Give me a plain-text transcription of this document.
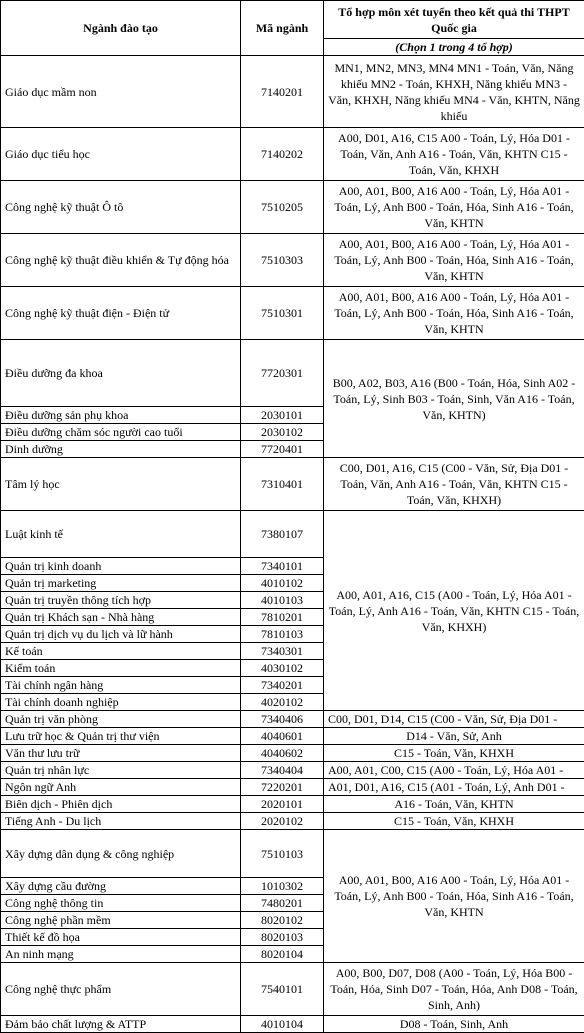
Ngành đào tạo	Mã ngành	Tổ hợp môn xét tuyển theo kết quả thi THPT Quốc gia
		(Chọn 1 trong 4 tổ hợp)
Giáo dục mầm non	7140201	MN1, MN2, MN3, MN4 MN1 - Toán, Văn, Năng khiếu MN2 - Toán, KHXH, Năng khiếu MN3 - Văn, KHXH, Năng khiếu MN4 - Văn, KHTN, Năng khiếu
Giáo dục tiểu học	7140202	A00, D01, A16, C15 A00 - Toán, Lý, Hóa D01 - Toán, Văn, Anh A16 - Toán, Văn, KHTN C15 - Toán, Văn, KHXH
Công nghệ kỹ thuật Ô tô	7510205	A00, A01, B00, A16 A00 - Toán, Lý, Hóa A01 - Toán, Lý, Anh B00 - Toán, Hóa, Sinh A16 - Toán, Văn, KHTN
Công nghệ kỹ thuật điều khiển & Tự động hóa	7510303	A00, A01, B00, A16 A00 - Toán, Lý, Hóa A01 - Toán, Lý, Anh B00 - Toán, Hóa, Sinh A16 - Toán, Văn, KHTN
Công nghệ kỹ thuật điện - Điện tử	7510301	A00, A01, B00, A16 A00 - Toán, Lý, Hóa A01 - Toán, Lý, Anh B00 - Toán, Hóa, Sinh A16 - Toán, Văn, KHTN
Điều dưỡng đa khoa	7720301	B00, A02, B03, A16 (B00 - Toán, Hóa, Sinh A02 - Toán, Lý, Sinh B03 - Toán, Sinh, Văn A16 - Toán, Văn, KHTN)
Điều dưỡng sản phụ khoa	2030101	
Điều dưỡng chăm sóc người cao tuổi	2030102	
Dinh dưỡng	7720401	
Tâm lý học	7310401	C00, D01, A16, C15 (C00 - Văn, Sử, Địa D01 - Toán, Văn, Anh A16 - Toán, Văn, KHTN C15 - Toán, Văn, KHXH)
Luật kinh tế	7380107	A00, A01, A16, C15 (A00 - Toán, Lý, Hóa A01 - Toán, Lý, Anh A16 - Toán, Văn, KHTN C15 - Toán, Văn, KHXH)
Quản trị kinh doanh	7340101	
Quản trị marketing	4010102	
Quản trị truyền thông tích hợp	4010103	
Quản trị Khách sạn - Nhà hàng	7810201	
Quản trị dịch vụ du lịch và lữ hành	7810103	
Kế toán	7340301	
Kiểm toán	4030102	
Tài chính ngân hàng	7340201	
Tài chính doanh nghiệp	4020102	
Quản trị văn phòng	7340406	C00, D01, D14, C15 (C00 - Văn, Sử, Địa D01 -
Lưu trữ học & Quản trị thư viện	4040601	D14 - Văn, Sử, Anh
Văn thư lưu trữ	4040602	C15 - Toán, Văn, KHXH
Quản trị nhân lực	7340404	A00, A01, C00, C15 (A00 - Toán, Lý, Hóa A01 -
Ngôn ngữ Anh	7220201	A01, D01, A16, C15 (A01 - Toán, Lý, Anh D01 -
Biên dịch - Phiên dịch	2020101	A16 - Toán, Văn, KHTN
Tiếng Anh - Du lịch	2020102	C15 - Toán, Văn, KHXH
Xây dựng dân dụng & công nghiệp	7510103	A00, A01, B00, A16 A00 - Toán, Lý, Hóa A01 - Toán, Lý, Anh B00 - Toán, Hóa, Sinh A16 - Toán, Văn, KHTN
Xây dựng cầu đường	1010302	
Công nghệ thông tin	7480201	
Công nghệ phần mềm	8020102	
Thiết kế đồ họa	8020103	
An ninh mạng	8020104	
Công nghệ thực phẩm	7540101	A00, B00, D07, D08 (A00 - Toán, Lý, Hóa B00 - Toán, Hóa, Sinh D07 - Toán, Hóa, Anh D08 - Toán, Sinh, Anh)
Đảm bảo chất lượng & ATTP	4010104	D08 - Toán, Sinh, Anh
